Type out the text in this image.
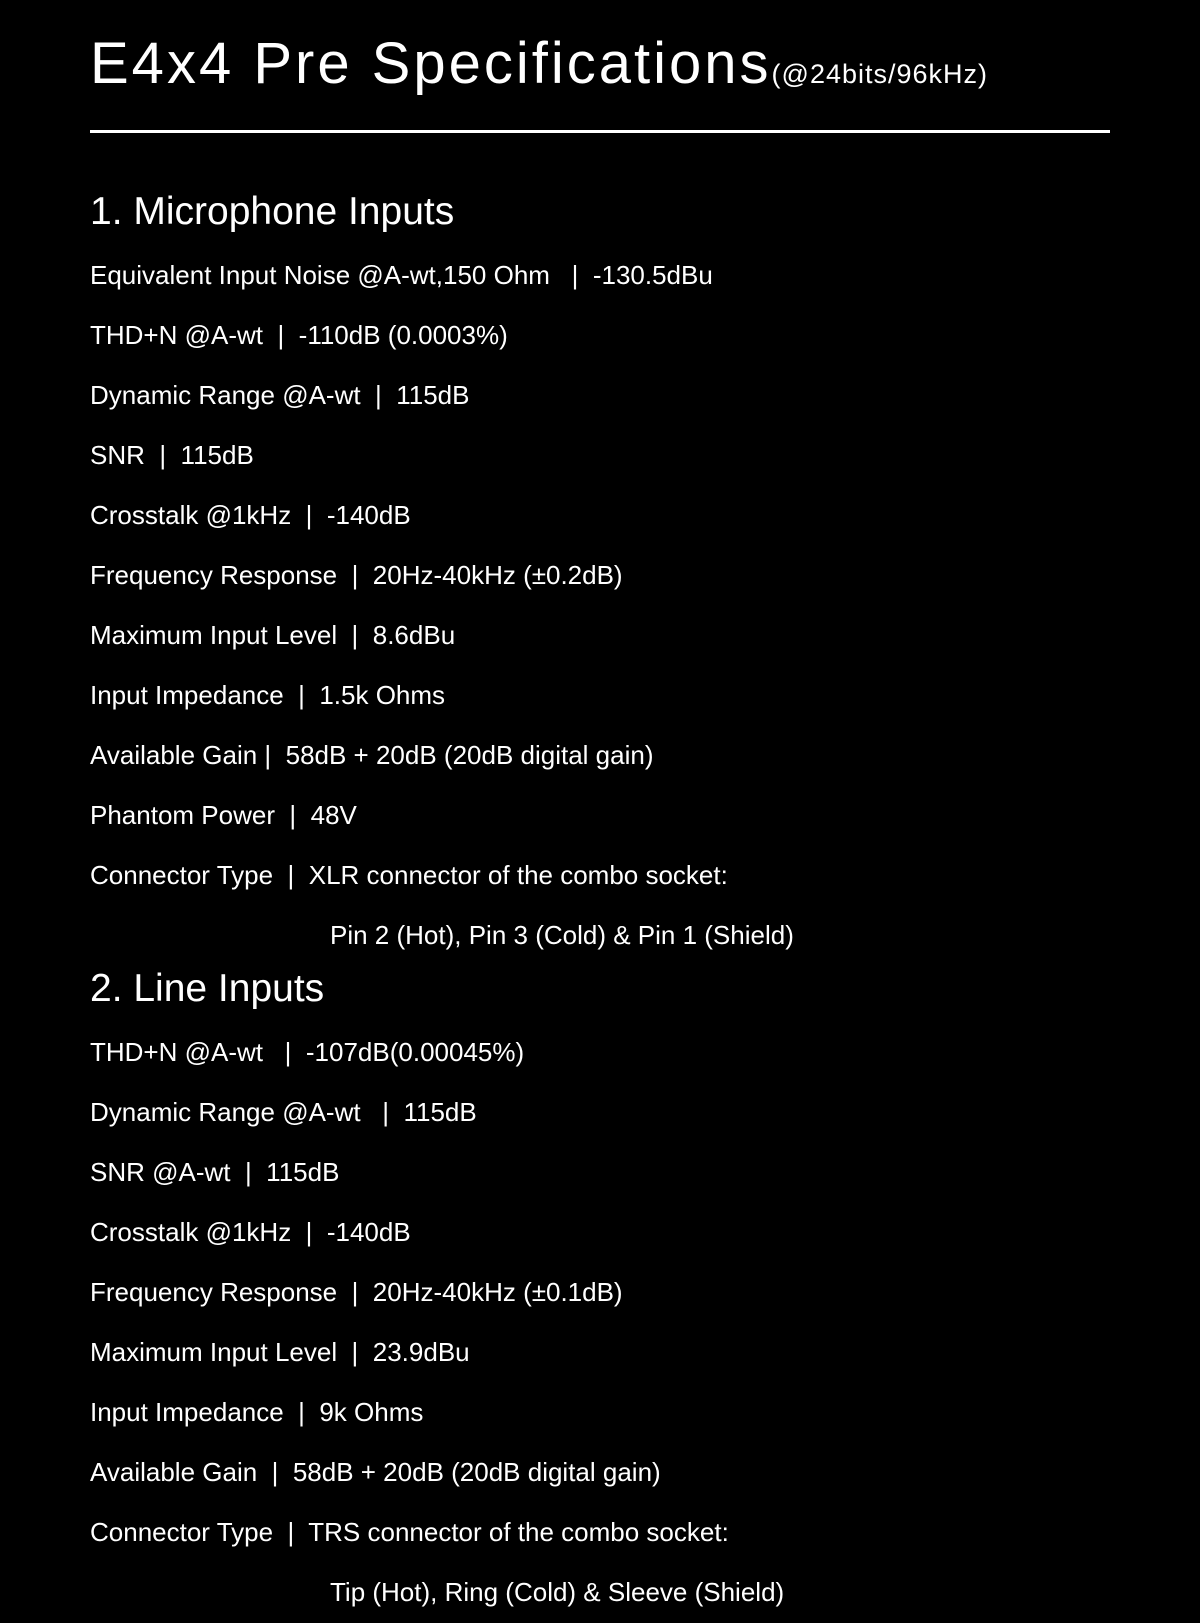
E4x4 Pre Specifications(@24bits/96kHz)
1. Microphone Inputs
Equivalent Input Noise @A-wt,150 Ohm   |  -130.5dBu
THD+N @A-wt  |  -110dB (0.0003%)
Dynamic Range @A-wt  |  115dB
SNR  |  115dB
Crosstalk @1kHz  |  -140dB
Frequency Response  |  20Hz-40kHz (±0.2dB)
Maximum Input Level  |  8.6dBu
Input Impedance  |  1.5k Ohms
Available Gain |  58dB + 20dB (20dB digital gain)
Phantom Power  |  48V
Connector Type  |  XLR connector of the combo socket:
Pin 2 (Hot), Pin 3 (Cold) & Pin 1 (Shield)
2. Line Inputs
THD+N @A-wt   |  -107dB(0.00045%)
Dynamic Range @A-wt   |  115dB
SNR @A-wt  |  115dB
Crosstalk @1kHz  |  -140dB
Frequency Response  |  20Hz-40kHz (±0.1dB)
Maximum Input Level  |  23.9dBu
Input Impedance  |  9k Ohms
Available Gain  |  58dB + 20dB (20dB digital gain)
Connector Type  |  TRS connector of the combo socket:
Tip (Hot), Ring (Cold) & Sleeve (Shield)
